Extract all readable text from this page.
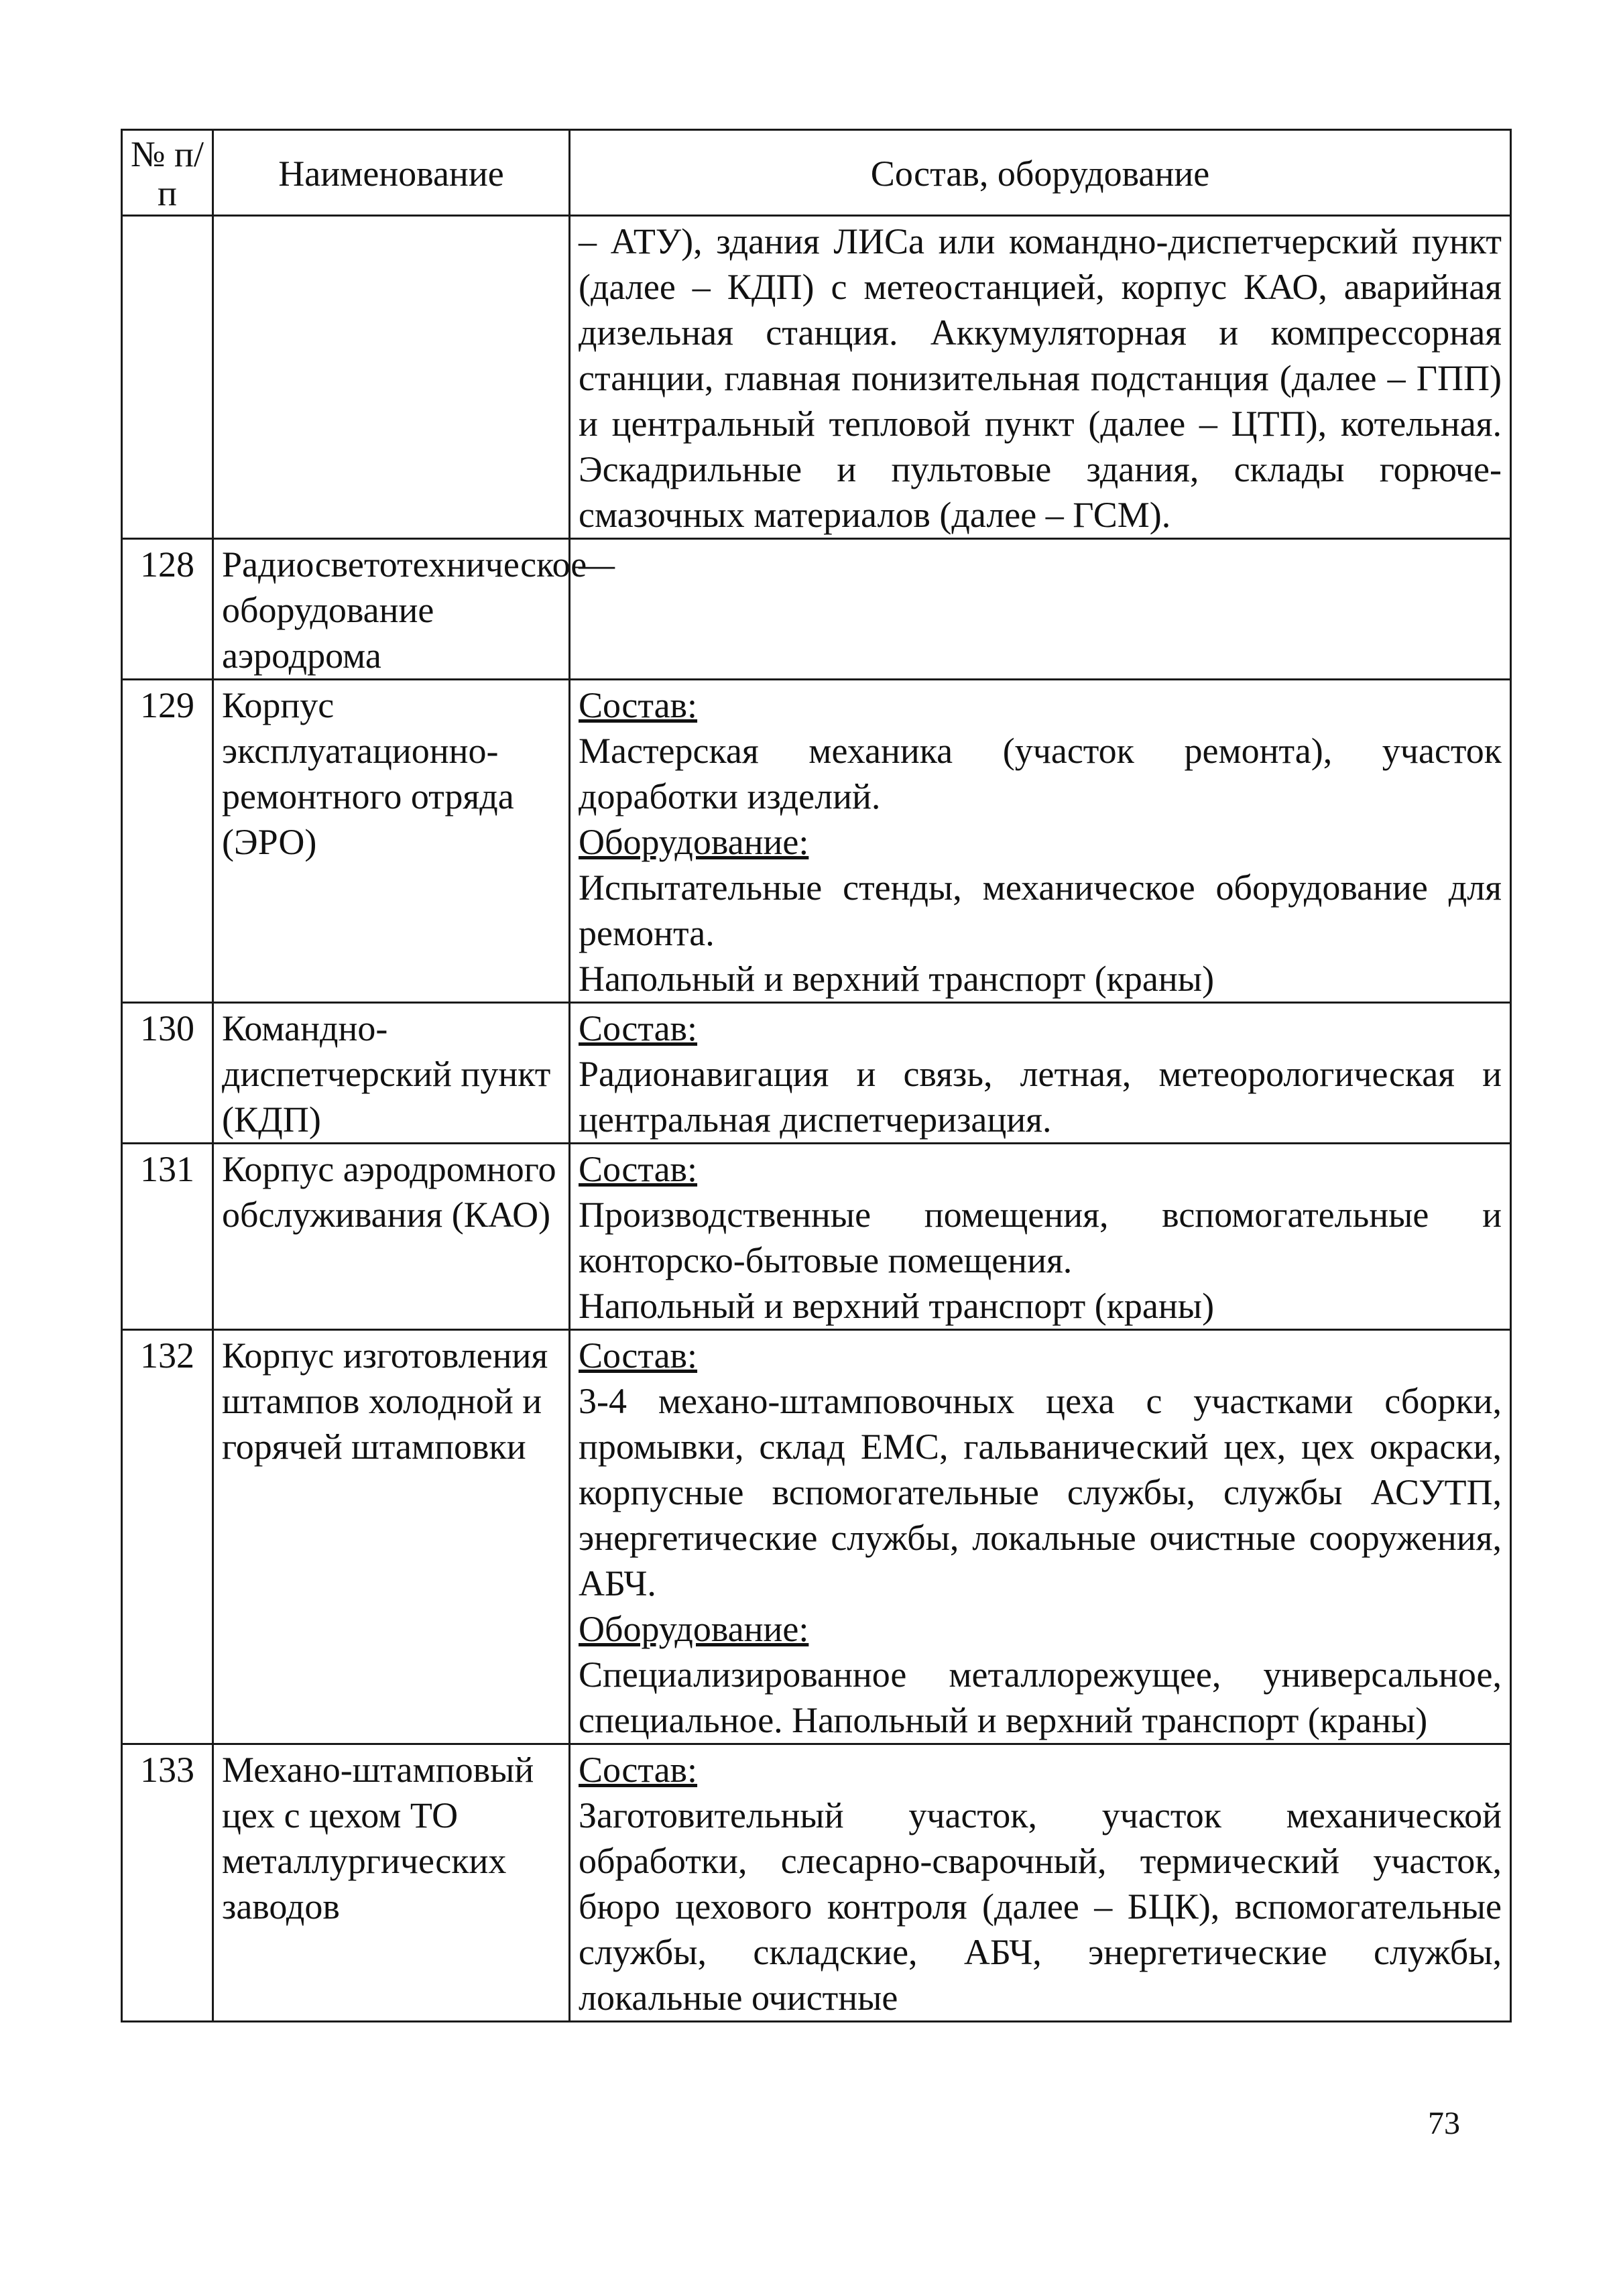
№ п/п	Наименование	Состав, оборудование

		– АТУ), здания ЛИСа или командно-диспетчерский пункт (далее – КДП) с метеостанцией, корпус КАО, аварийная дизельная станция. Аккумуляторная и компрессорная станции, главная понизительная подстанция (далее – ГПП) и центральный тепловой пункт (далее – ЦТП), котельная. Эскадрильные и пультовые здания, склады горюче-смазочных материалов (далее – ГСМ).

128	Радиосветотехническое оборудование аэродрома	—

129	Корпус эксплуатационно-ремонтного отряда (ЭРО)	Состав:
Мастерская механика (участок ремонта), участок доработки изделий.
Оборудование:
Испытательные стенды, механическое оборудование для ремонта.
Напольный и верхний транспорт (краны)

130	Командно-диспетчерский пункт (КДП)	Состав:
Радионавигация и связь, летная, метеорологическая и центральная диспетчеризация.

131	Корпус аэродромного обслуживания (КАО)	Состав:
Производственные помещения, вспомогательные и конторско-бытовые помещения.
Напольный и верхний транспорт (краны)

132	Корпус изготовления штампов холодной и горячей штамповки	Состав:
3-4 механо-штамповочных цеха с участками сборки, промывки, склад ЕМС, гальванический цех, цех окраски, корпусные вспомогательные службы, службы АСУТП, энергетические службы, локальные очистные сооружения, АБЧ.
Оборудование:
Специализированное металлорежущее, универсальное, специальное. Напольный и верхний транспорт (краны)

133	Механо-штамповый цех с цехом ТО металлургических заводов	Состав:
Заготовительный участок, участок механической обработки, слесарно-сварочный, термический участок, бюро цехового контроля (далее – БЦК), вспомогательные службы, складские, АБЧ, энергетические службы, локальные очистные
73
